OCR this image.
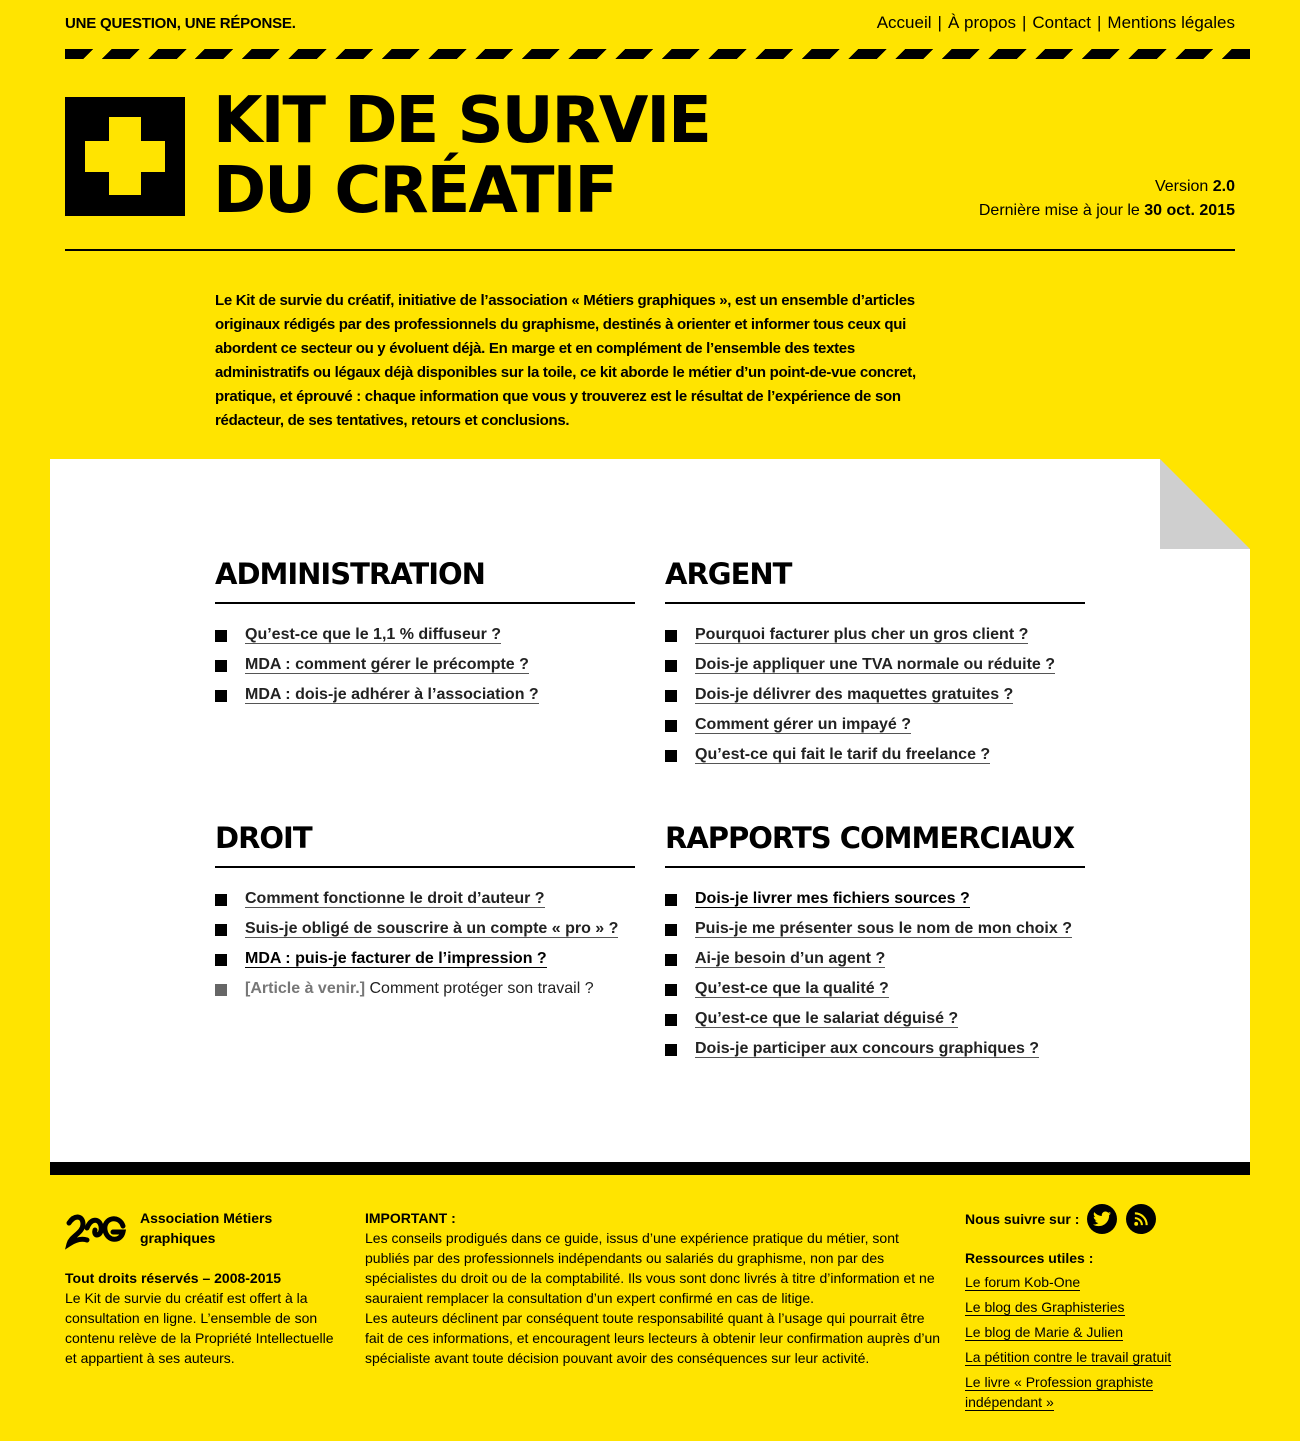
UNE QUESTION, UNE RÉPONSE.	Accueil | À propos | Contact | Mentions légales
KIT DE SURVIE
DU CRÉATIF	Version 2.0
Dernière mise à jour le 30 oct. 2015

Le Kit de survie du créatif, initiative de l’association « Métiers graphiques », est un ensemble d’articles originaux rédigés par des professionnels du graphisme, destinés à orienter et informer tous ceux qui abordent ce secteur ou y évoluent déjà. En marge et en complément de l’ensemble des textes administratifs ou légaux déjà disponibles sur la toile, ce kit aborde le métier d’un point-de-vue concret, pratique, et éprouvé : chaque information que vous y trouverez est le résultat de l’expérience de son rédacteur, de ses tentatives, retours et conclusions.

ADMINISTRATION
Qu’est-ce que le 1,1 % diffuseur ?
MDA : comment gérer le précompte ?
MDA : dois-je adhérer à l’association ?
ARGENT
Pourquoi facturer plus cher un gros client ?
Dois-je appliquer une TVA normale ou réduite ?
Dois-je délivrer des maquettes gratuites ?
Comment gérer un impayé ?
Qu’est-ce qui fait le tarif du freelance ?
DROIT
Comment fonctionne le droit d’auteur ?
Suis-je obligé de souscrire à un compte « pro » ?
MDA : puis-je facturer de l’impression ?
[Article à venir.] Comment protéger son travail ?
RAPPORTS COMMERCIAUX
Dois-je livrer mes fichiers sources ?
Puis-je me présenter sous le nom de mon choix ?
Ai-je besoin d’un agent ?
Qu’est-ce que la qualité ?
Qu’est-ce que le salariat déguisé ?
Dois-je participer aux concours graphiques ?
Association Métiers graphiques
Tout droits réservés – 2008-2015
Le Kit de survie du créatif est offert à la consultation en ligne. L’ensemble de son contenu relève de la Propriété Intellectuelle et appartient à ses auteurs.
IMPORTANT :
Les conseils prodigués dans ce guide, issus d’une expérience pratique du métier, sont publiés par des professionnels indépendants ou salariés du graphisme, non par des spécialistes du droit ou de la comptabilité. Ils vous sont donc livrés à titre d’information et ne sauraient remplacer la consultation d’un expert confirmé en cas de litige.
Les auteurs déclinent par conséquent toute responsabilité quant à l’usage qui pourrait être fait de ces informations, et encouragent leurs lecteurs à obtenir leur confirmation auprès d’un spécialiste avant toute décision pouvant avoir des conséquences sur leur activité.
Nous suivre sur :
Ressources utiles :
Le forum Kob-One
Le blog des Graphisteries
Le blog de Marie & Julien
La pétition contre le travail gratuit
Le livre « Profession graphiste indépendant »
